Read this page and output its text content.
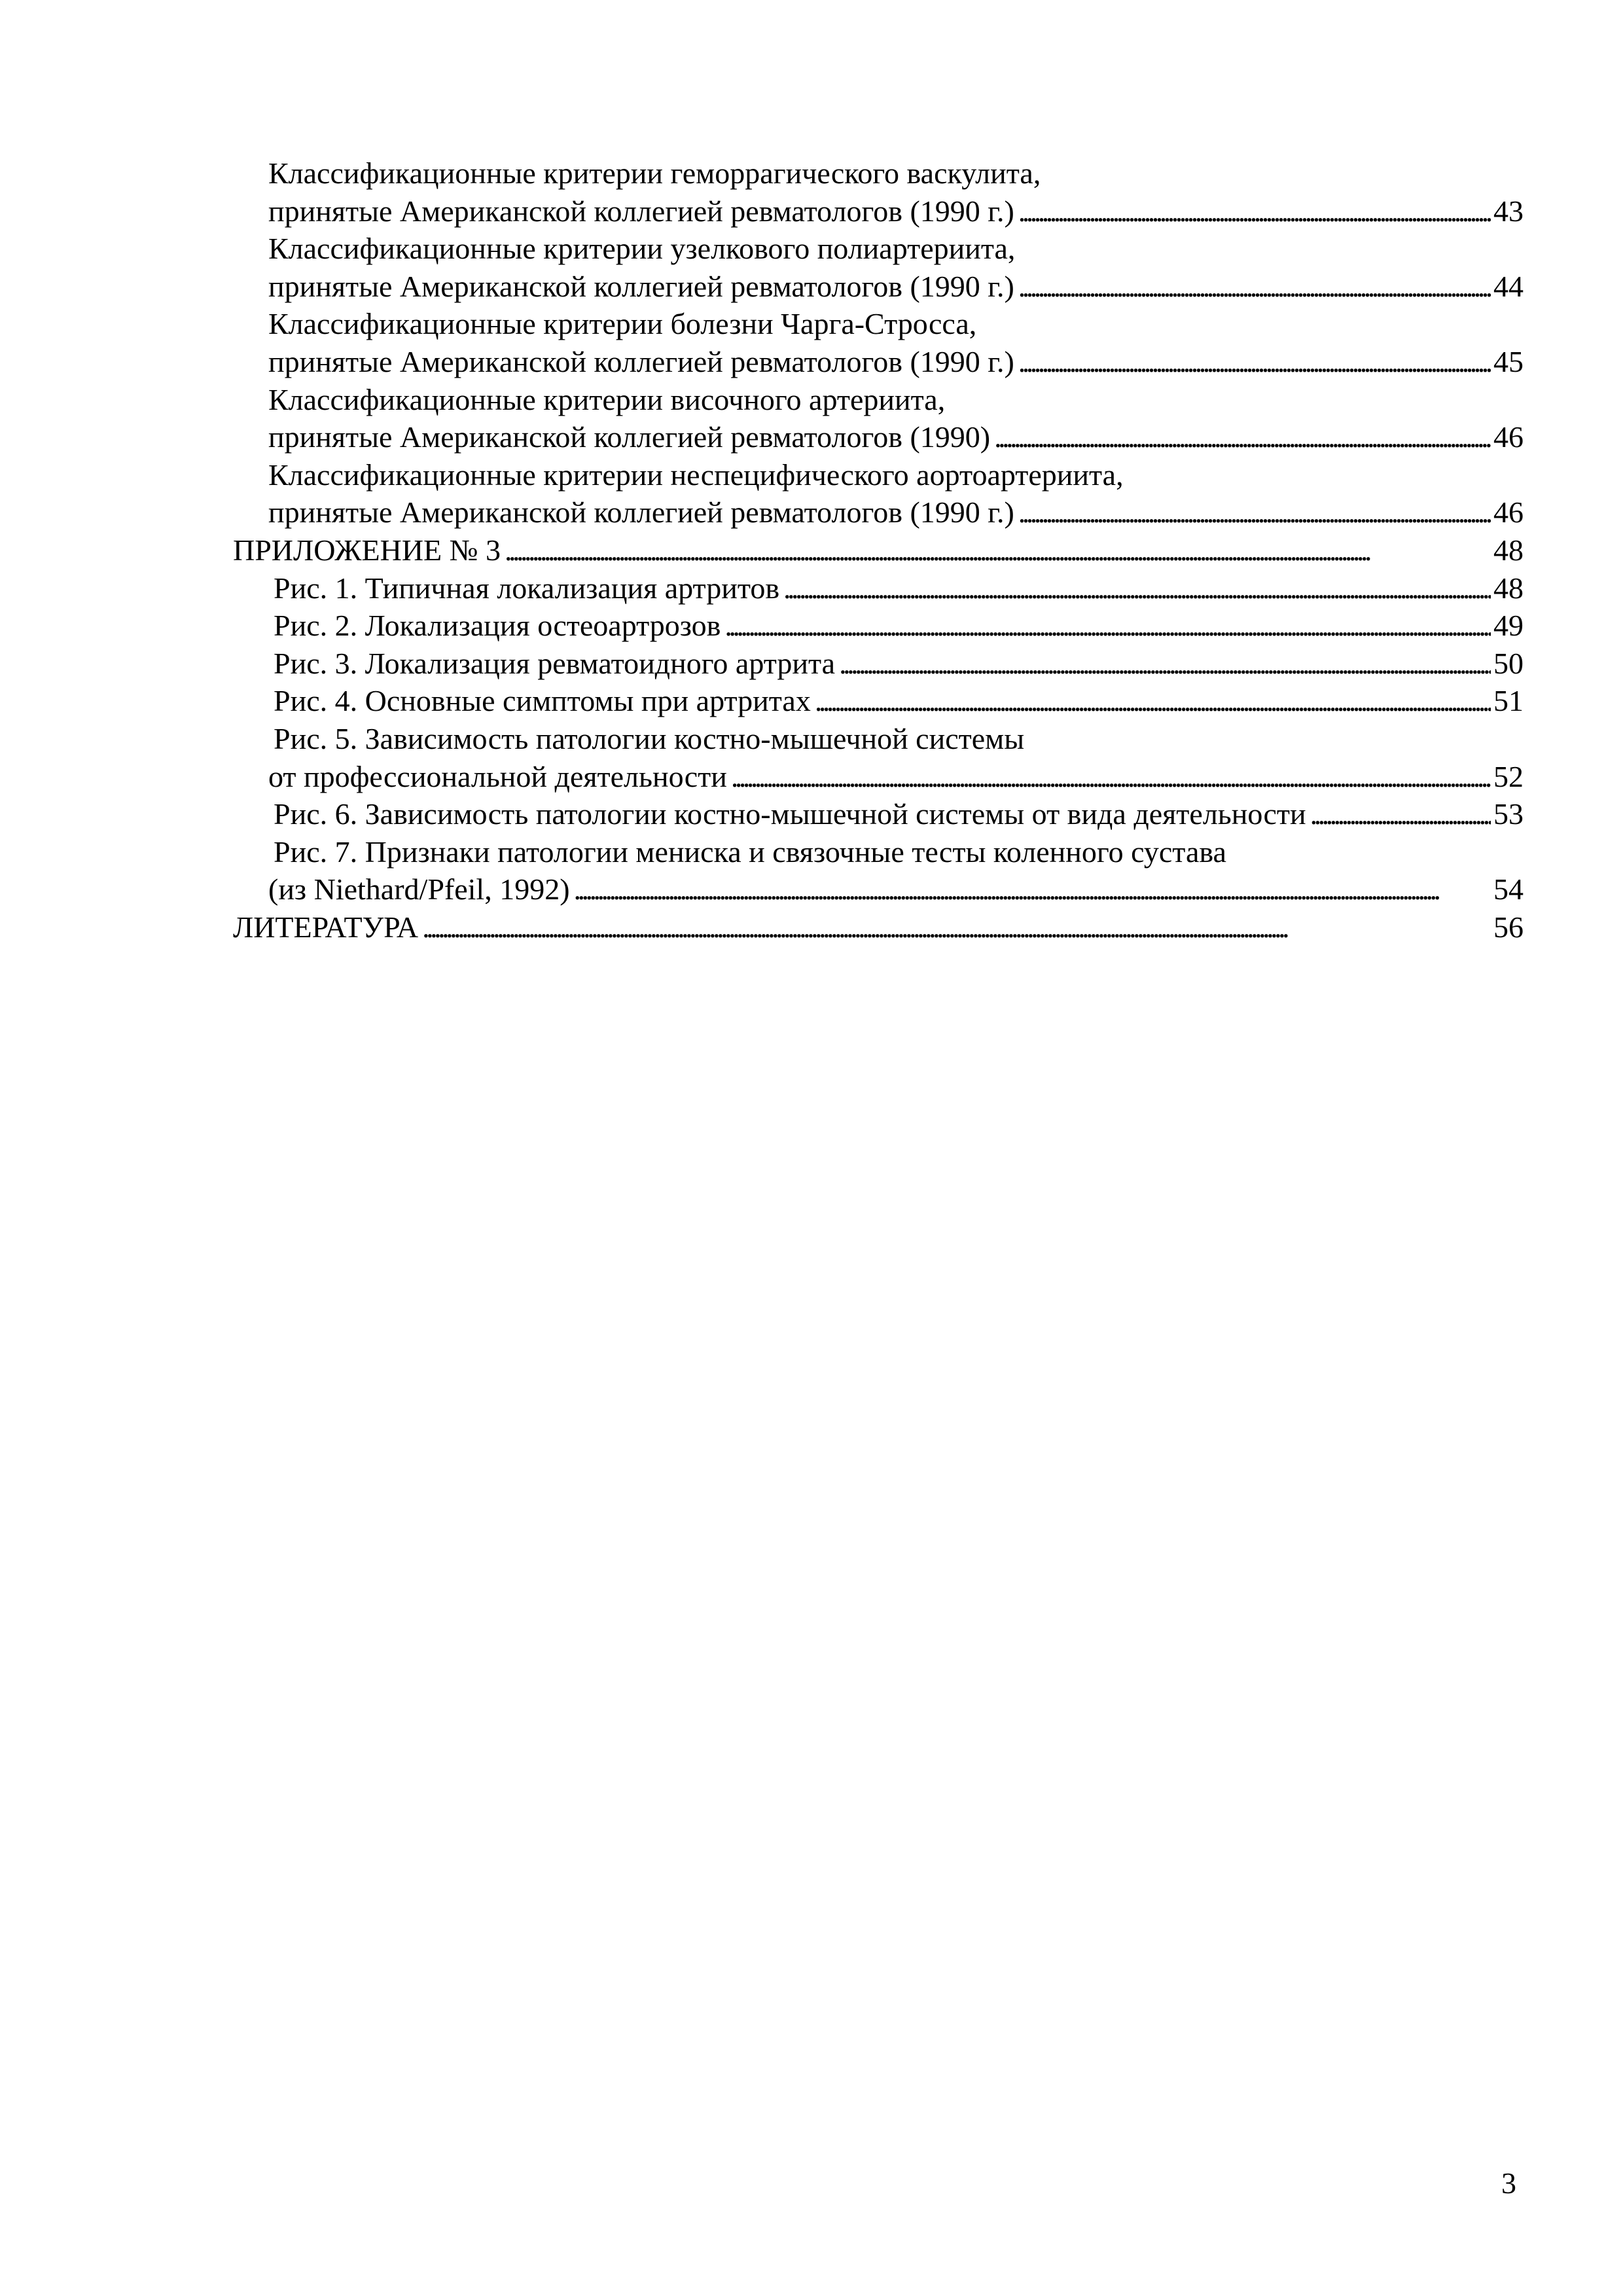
Классификационные критерии геморрагического васкулита,
принятые Американской коллегией ревматологов (1990 г.) . . .	43
Классификационные критерии узелкового полиартериита,
принятые Американской коллегией ревматологов (1990 г.) . . .	44
Классификационные критерии болезни Чарга-Стросса,
принятые Американской коллегией ревматологов (1990 г.) . . .	45
Классификационные критерии височного артериита,
принятые Американской коллегией ревматологов (1990) . . .	46
Классификационные критерии неспецифического аортоартериита,
принятые Американской коллегией ревматологов (1990 г.) . . .	46
ПРИЛОЖЕНИЕ № 3 . . .	48
Рис. 1. Типичная локализация артритов . . .	48
Рис. 2. Локализация остеоартрозов . . .	49
Рис. 3. Локализация ревматоидного артрита . . .	50
Рис. 4. Основные симптомы при артритах . . .	51
Рис. 5. Зависимость патологии костно-мышечной системы
от профессиональной деятельности . . .	52
Рис. 6. Зависимость патологии костно-мышечной системы от вида деятельности . . .	53
Рис. 7. Признаки патологии мениска и связочные тесты коленного сустава
(из Niethard/Pfeil, 1992) . . .	54
ЛИТЕРАТУРА . . .	56
3
